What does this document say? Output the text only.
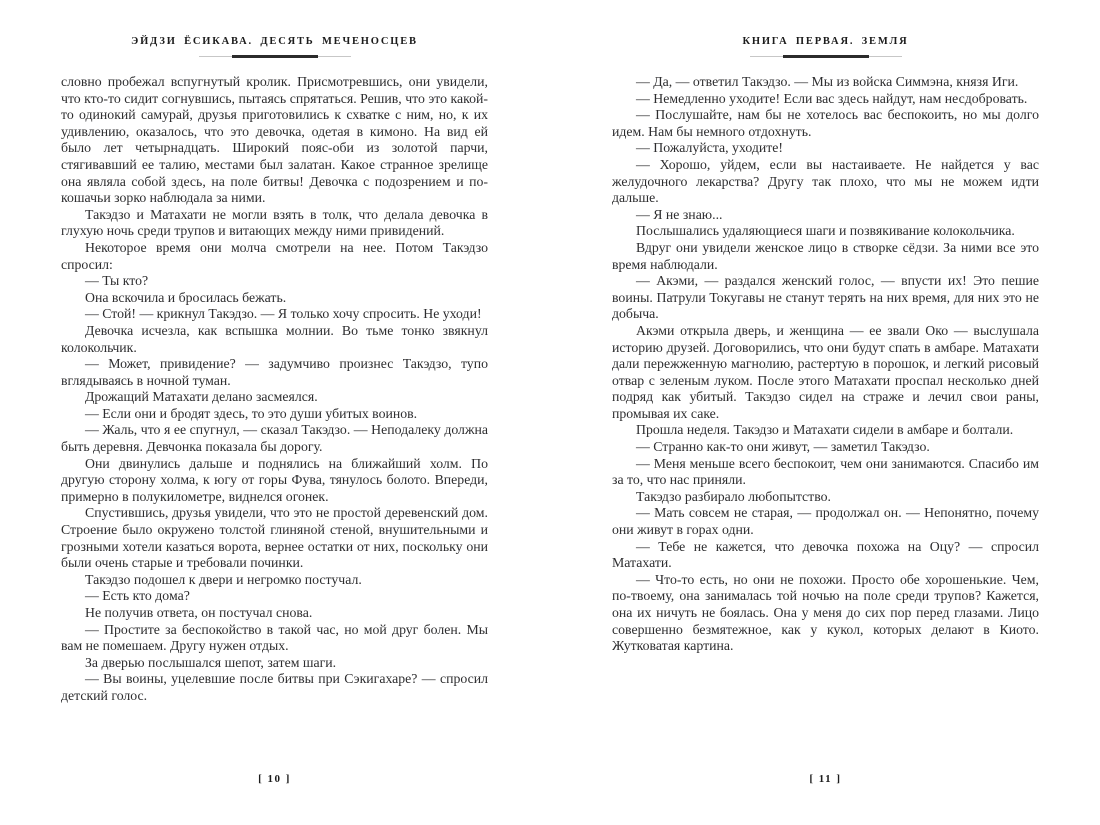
ЭЙДЗИ ЁСИКАВА. ДЕСЯТЬ МЕЧЕНОСЦЕВ

словно пробежал вспугнутый кролик. Присмотревшись, они увидели, что кто-то сидит согнувшись, пытаясь спрятаться. Решив, что это какой-то одинокий самурай, друзья приготовились к схватке с ним, но, к их удивлению, оказалось, что это девочка, одетая в кимоно. На вид ей было лет четырнадцать. Широкий пояс-оби из золотой парчи, стягивавший ее талию, местами был залатан. Какое странное зрелище она являла собой здесь, на поле битвы! Девочка с подозрением и по-кошачьи зорко наблюдала за ними.

Такэдзо и Матахати не могли взять в толк, что делала девочка в глухую ночь среди трупов и витающих между ними привидений.

Некоторое время они молча смотрели на нее. Потом Такэдзо спросил:

— Ты кто?

Она вскочила и бросилась бежать.

— Стой! — крикнул Такэдзо. — Я только хочу спросить. Не уходи!

Девочка исчезла, как вспышка молнии. Во тьме тонко звякнул колокольчик.

— Может, привидение? — задумчиво произнес Такэдзо, тупо вглядываясь в ночной туман.

Дрожащий Матахати делано засмеялся.

— Если они и бродят здесь, то это души убитых воинов.

— Жаль, что я ее спугнул, — сказал Такэдзо. — Неподалеку должна быть деревня. Девчонка показала бы дорогу.

Они двинулись дальше и поднялись на ближайший холм. По другую сторону холма, к югу от горы Фува, тянулось болото. Впереди, примерно в полукилометре, виднелся огонек.

Спустившись, друзья увидели, что это не простой деревенский дом. Строение было окружено толстой глиняной стеной, внушительными и грозными хотели казаться ворота, вернее остатки от них, поскольку они были очень старые и требовали починки.

Такэдзо подошел к двери и негромко постучал.

— Есть кто дома?

Не получив ответа, он постучал снова.

— Простите за беспокойство в такой час, но мой друг болен. Мы вам не помешаем. Другу нужен отдых.

За дверью послышался шепот, затем шаги.

— Вы воины, уцелевшие после битвы при Сэкигахаре? — спросил детский голос.

[ 10 ]
КНИГА ПЕРВАЯ. ЗЕМЛЯ

— Да, — ответил Такэдзо. — Мы из войска Симмэна, князя Иги.

— Немедленно уходите! Если вас здесь найдут, нам несдобровать.

— Послушайте, нам бы не хотелось вас беспокоить, но мы долго идем. Нам бы немного отдохнуть.

— Пожалуйста, уходите!

— Хорошо, уйдем, если вы настаиваете. Не найдется у вас желудочного лекарства? Другу так плохо, что мы не можем идти дальше.

— Я не знаю...

Послышались удаляющиеся шаги и позвякивание колокольчика.

Вдруг они увидели женское лицо в створке сёдзи. За ними все это время наблюдали.

— Акэми, — раздался женский голос, — впусти их! Это пешие воины. Патрули Токугавы не станут терять на них время, для них это не добыча.

Акэми открыла дверь, и женщина — ее звали Око — выслушала историю друзей. Договорились, что они будут спать в амбаре. Матахати дали пережженную магнолию, растертую в порошок, и легкий рисовый отвар с зеленым луком. После этого Матахати проспал несколько дней подряд как убитый. Такэдзо сидел на страже и лечил свои раны, промывая их саке.

Прошла неделя. Такэдзо и Матахати сидели в амбаре и болтали.

— Странно как-то они живут, — заметил Такэдзо.

— Меня меньше всего беспокоит, чем они занимаются. Спасибо им за то, что нас приняли.

Такэдзо разбирало любопытство.

— Мать совсем не старая, — продолжал он. — Непонятно, почему они живут в горах одни.

— Тебе не кажется, что девочка похожа на Оцу? — спросил Матахати.

— Что-то есть, но они не похожи. Просто обе хорошенькие. Чем, по-твоему, она занималась той ночью на поле среди трупов? Кажется, она их ничуть не боялась. Она у меня до сих пор перед глазами. Лицо совершенно безмятежное, как у кукол, которых делают в Киото. Жутковатая картина.

[ 11 ]
